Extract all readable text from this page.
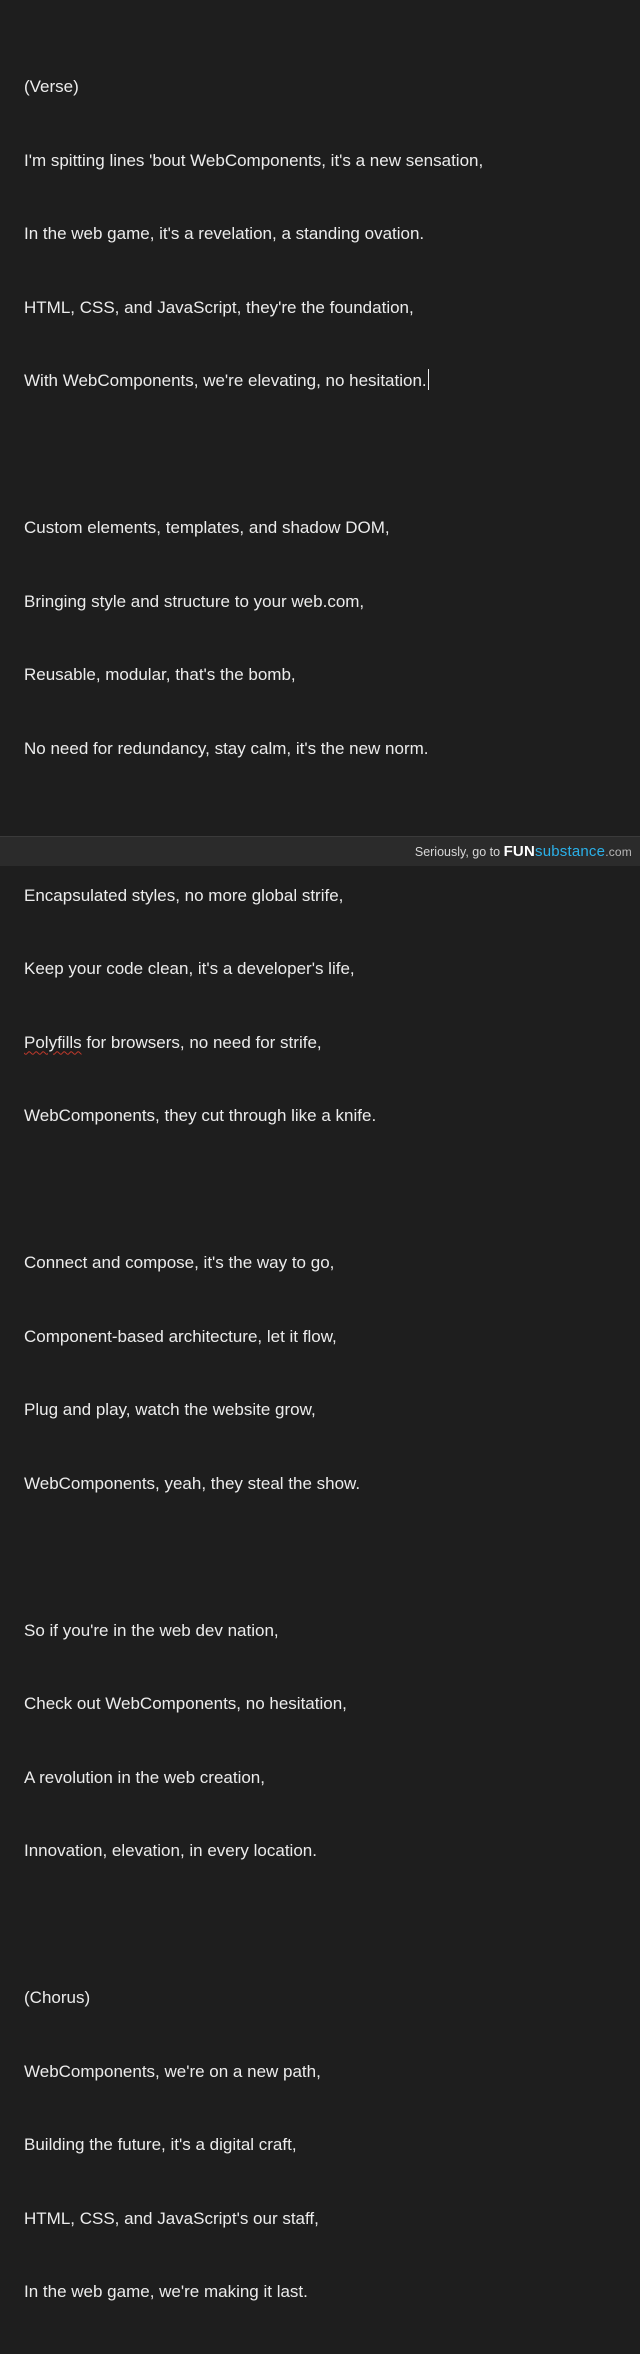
(Verse)

I'm spitting lines 'bout WebComponents, it's a new sensation,

In the web game, it's a revelation, a standing ovation.

HTML, CSS, and JavaScript, they're the foundation,

With WebComponents, we're elevating, no hesitation.

Custom elements, templates, and shadow DOM,

Bringing style and structure to your web.com,

Reusable, modular, that's the bomb,

No need for redundancy, stay calm, it's the new norm.

Encapsulated styles, no more global strife,

Keep your code clean, it's a developer's life,

Polyfills for browsers, no need for strife,

WebComponents, they cut through like a knife.

Connect and compose, it's the way to go,

Component-based architecture, let it flow,

Plug and play, watch the website grow,

WebComponents, yeah, they steal the show.

So if you're in the web dev nation,

Check out WebComponents, no hesitation,

A revolution in the web creation,

Innovation, elevation, in every location.

(Chorus)

WebComponents, we're on a new path,

Building the future, it's a digital craft,

HTML, CSS, and JavaScript's our staff,

In the web game, we're making it last.

Seriously, go to FUNsubstance.com
